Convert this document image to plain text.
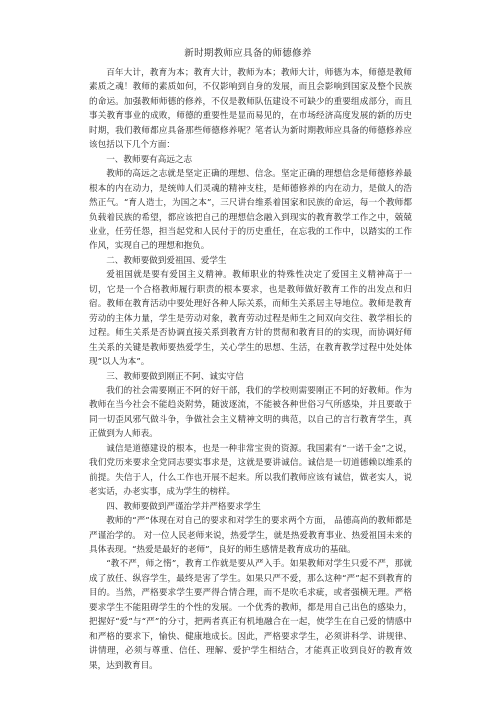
新时期教师应具备的师德修养

百年大计，教育为本；教育大计，教师为本；教师大计，师德为本，师德是教师素质之魂！教师的素质如何，不仅影响到自身的发展，而且会影响到国家及整个民族的命运。加强教师师德的修养，不仅是教师队伍建设不可缺少的重要组成部分，而且事关教育事业的成败，师德的重要性是显而易见的，在市场经济高度发展的新的历史时期，我们教师都应具备那些师德修养呢？笔者认为新时期教师应具备的师德修养应该包括以下几个方面：

一、教师要有高远之志

教师的高远之志就是坚定正确的理想、信念。坚定正确的理想信念是师德修养最根本的内在动力，是统帅人们灵魂的精神支柱，是师德修养的内在动力，是做人的浩然正气。“育人造士，为国之本”，三尺讲台维系着国家和民族的命运，每一个教师都负载着民族的希望，都应该把自己的理想信念融入到现实的教育教学工作之中，兢兢业业，任劳任怨，担当起党和人民付于的历史重任，在忘我的工作中，以踏实的工作作风，实现自己的理想和抱负。

二、教师要做到爱祖国、爱学生

爱祖国就是要有爱国主义精神。教师职业的特殊性决定了爱国主义精神高于一切，它是一个合格教师履行职责的根本要求，也是教师做好教育工作的出发点和归宿。教师在教育活动中要处理好各种人际关系，而师生关系居主导地位。教师是教育劳动的主体力量，学生是劳动对象，教育劳动过程是师生之间双向交往、教学相长的过程。师生关系是否协调直接关系到教育方针的贯彻和教育目的的实现，而协调好师生关系的关键是教师要热爱学生，关心学生的思想、生活，在教育教学过程中处处体现“以人为本”。

三、教师要做到刚正不阿、诚实守信

我们的社会需要刚正不阿的好干部，我们的学校则需要刚正不阿的好教师。作为教师在当今社会不能趋炎附势，随波逐流，不能被各种世俗习气所感染，并且要敢于同一切歪风邪气做斗争，争做社会主义精神文明的典范，以自己的言行教育学生，真正做到为人师表。

诚信是道德建设的根本，也是一种非常宝贵的资源。我国素有“一诺千金”之说，我们党历来要求全党同志要实事求是，这就是要讲诚信。诚信是一切道德赖以维系的前提。失信于人，什么工作也开展不起来。所以我们教师应该有诚信，做老实人，说老实话，办老实事，成为学生的榜样。

四、教师要做到严谨治学并严格要求学生

教师的“严”体现在对自己的要求和对学生的要求两个方面， 品德高尚的教师都是严谨治学的。 对一位人民老师来说，热爱学生，就是热爱教育事业、热爱祖国未来的具体表现。“热爱是最好的老师”，良好的师生感情是教育成功的基础。

“教不严，师之惰”，教育工作就是要从严入手。如果教师对学生只爱不严，那就成了放任、纵容学生，最终是害了学生。如果只严不爱，那么这种“严”起不到教育的目的。当然，严格要求学生要严得合情合理，而不是吹毛求疵，或者强横无理。严格要求学生不能阻碍学生的个性的发展。一个优秀的教师，都是用自己出色的感染力，把握好“爱”与“严”的分寸，把两者真正有机地融合在一起，使学生在自己爱的情感中和严格的要求下，愉快、健康地成长。因此，严格要求学生，必须讲科学、讲规律、讲情理，必须与尊重、信任、理解、爱护学生相结合，才能真正收到良好的教育效果，达到教育目。
